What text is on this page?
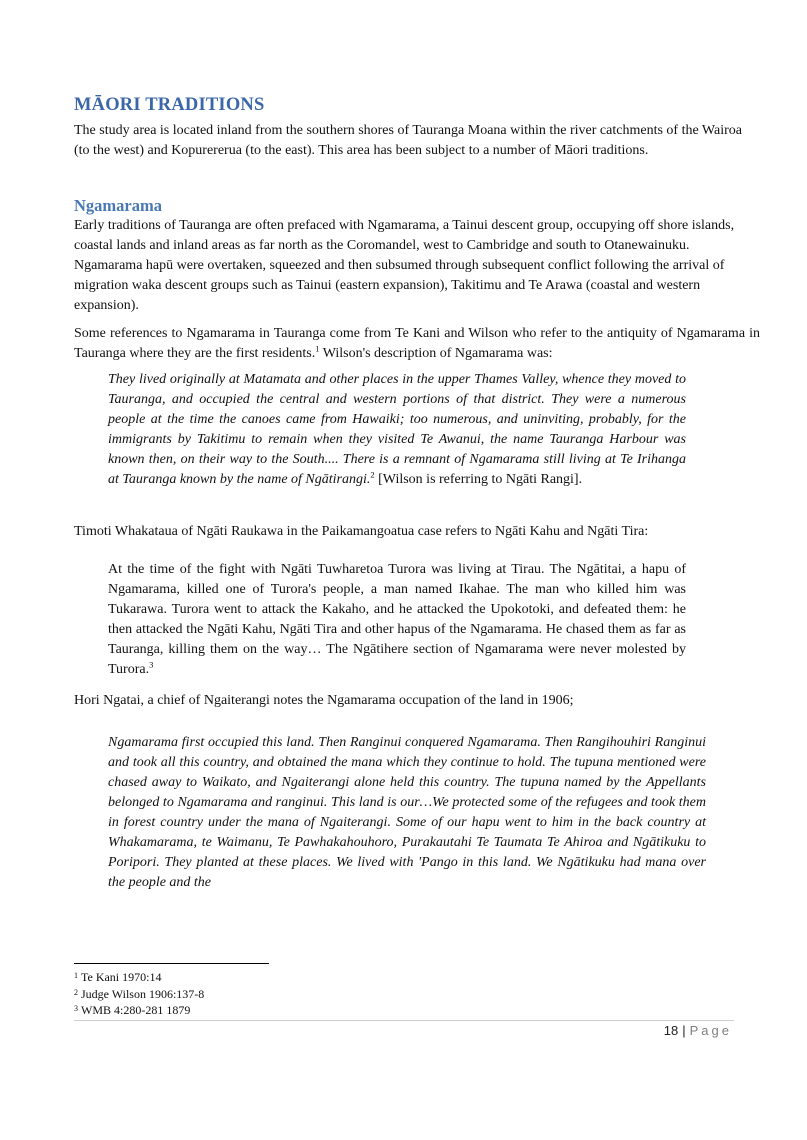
MĀORI TRADITIONS

The study area is located inland from the southern shores of Tauranga Moana within the river catchments of the Wairoa (to the west) and Kopurererua (to the east). This area has been subject to a number of Māori traditions.

Ngamarama

Early traditions of Tauranga are often prefaced with Ngamarama, a Tainui descent group, occupying off shore islands, coastal lands and inland areas as far north as the Coromandel, west to Cambridge and south to Otanewainuku. Ngamarama hapū were overtaken, squeezed and then subsumed through subsequent conflict following the arrival of migration waka descent groups such as Tainui (eastern expansion), Takitimu and Te Arawa (coastal and western expansion).

Some references to Ngamarama in Tauranga come from Te Kani and Wilson who refer to the antiquity of Ngamarama in Tauranga where they are the first residents.$^1$ Wilson's description of Ngamarama was:

They lived originally at Matamata and other places in the upper Thames Valley, whence they moved to Tauranga, and occupied the central and western portions of that district. They were a numerous people at the time the canoes came from Hawaiki; too numerous, and uninviting, probably, for the immigrants by Takitimu to remain when they visited Te Awanui, the name Tauranga Harbour was known then, on their way to the South.... There is a remnant of Ngamarama still living at Te Irihanga at Tauranga known by the name of Ngātirangi.$^2$ [Wilson is referring to Ngāti Rangi].

Timoti Whakataua of Ngāti Raukawa in the Paikamangoatua case refers to Ngāti Kahu and Ngāti Tira:

At the time of the fight with Ngāti Tuwharetoa Turora was living at Tirau. The Ngātitai, a hapu of Ngamarama, killed one of Turora's people, a man named Ikahae. The man who killed him was Tukarawa. Turora went to attack the Kakaho, and he attacked the Upokotoki, and defeated them: he then attacked the Ngāti Kahu, Ngāti Tira and other hapus of the Ngamarama. He chased them as far as Tauranga, killing them on the way… The Ngātihere section of Ngamarama were never molested by Turora.$^3$

Hori Ngatai, a chief of Ngaiterangi notes the Ngamarama occupation of the land in 1906;

Ngamarama first occupied this land. Then Ranginui conquered Ngamarama. Then Rangihouhiri Ranginui and took all this country, and obtained the mana which they continue to hold. The tupuna mentioned were chased away to Waikato, and Ngaiterangi alone held this country. The tupuna named by the Appellants belonged to Ngamarama and ranginui. This land is our…We protected some of the refugees and took them in forest country under the mana of Ngaiterangi. Some of our hapu went to him in the back country at Whakamarama, te Waimanu, Te Pawhakahouhoro, Purakautahi Te Taumata Te Ahiroa and Ngātikuku to Poripori. They planted at these places. We lived with 'Pango in this land. We Ngātikuku had mana over the people and the

$^1$ Te Kani 1970:14
$^2$ Judge Wilson 1906:137-8
$^3$ WMB 4:280-281 1879
18 | Page
